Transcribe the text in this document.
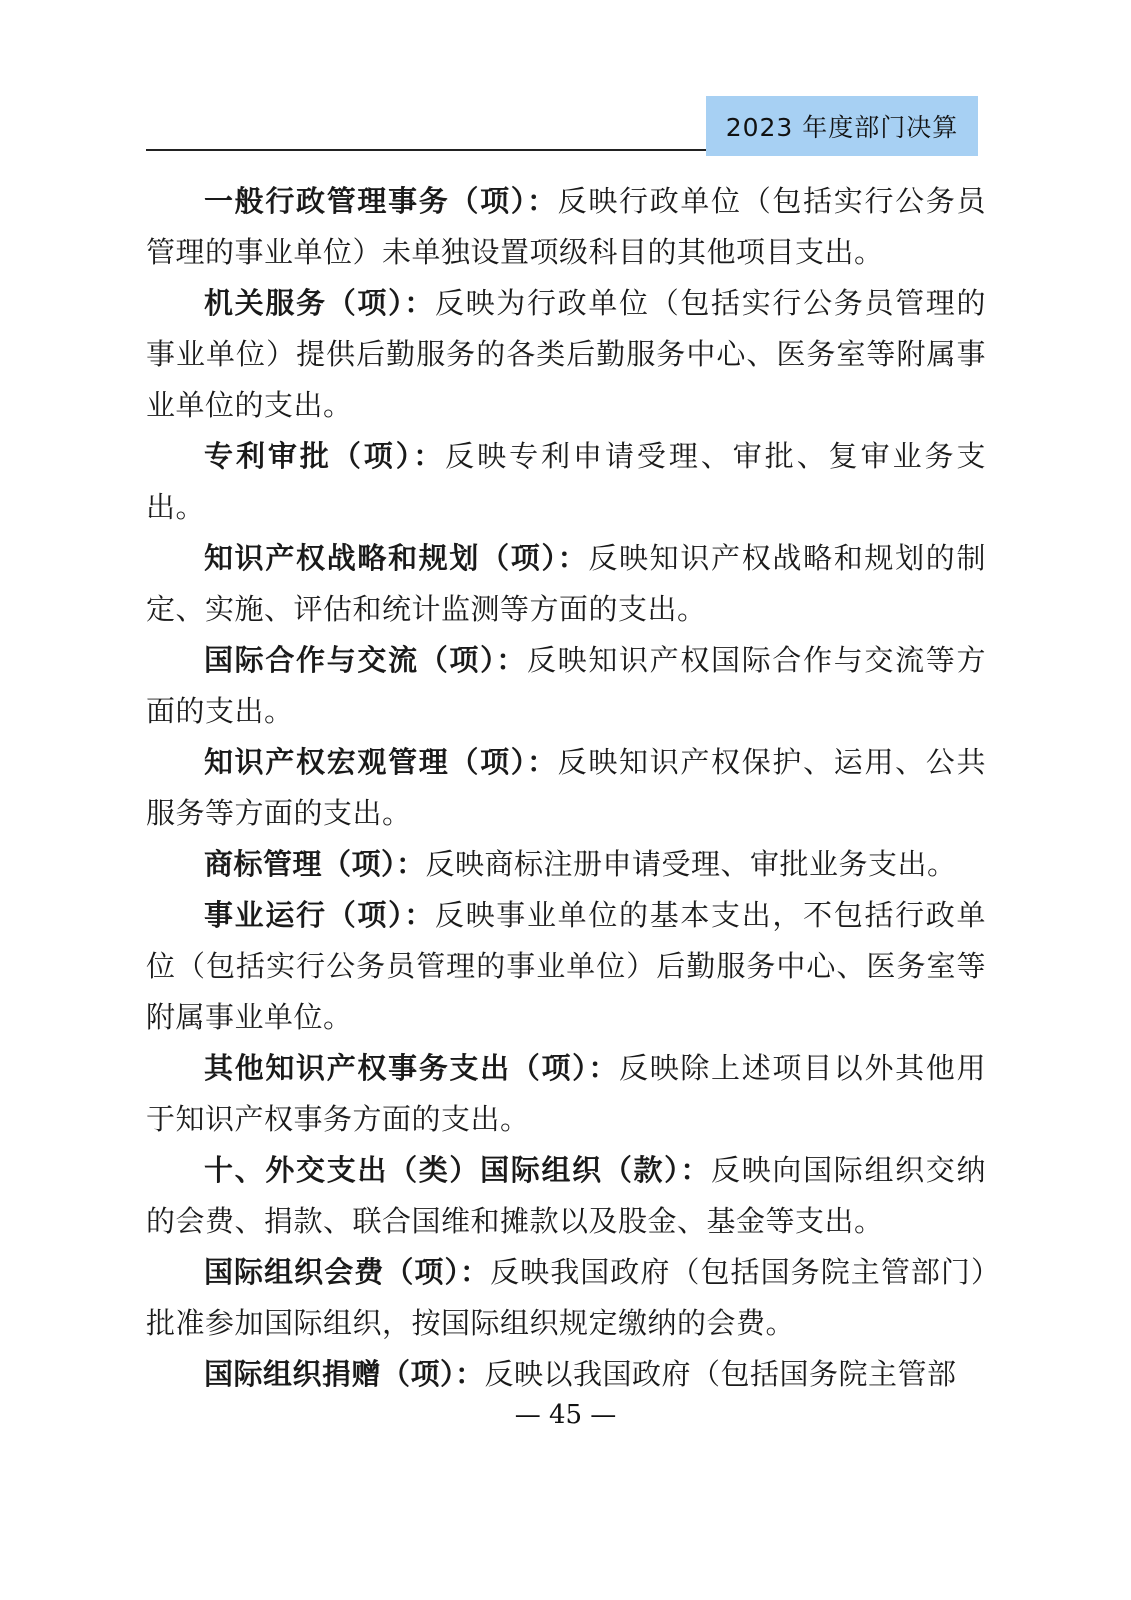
2023 年度部门决算

一般行政管理事务（项）：反映行政单位（包括实行公务员管理的事业单位）未单独设置项级科目的其他项目支出。

机关服务（项）：反映为行政单位（包括实行公务员管理的事业单位）提供后勤服务的各类后勤服务中心、医务室等附属事业单位的支出。

专利审批（项）：反映专利申请受理、审批、复审业务支出。

知识产权战略和规划（项）：反映知识产权战略和规划的制定、实施、评估和统计监测等方面的支出。

国际合作与交流（项）：反映知识产权国际合作与交流等方面的支出。

知识产权宏观管理（项）：反映知识产权保护、运用、公共服务等方面的支出。

商标管理（项）：反映商标注册申请受理、审批业务支出。

事业运行（项）：反映事业单位的基本支出，不包括行政单位（包括实行公务员管理的事业单位）后勤服务中心、医务室等附属事业单位。

其他知识产权事务支出（项）：反映除上述项目以外其他用于知识产权事务方面的支出。

十、外交支出（类）国际组织（款）：反映向国际组织交纳的会费、捐款、联合国维和摊款以及股金、基金等支出。

国际组织会费（项）：反映我国政府（包括国务院主管部门）批准参加国际组织，按国际组织规定缴纳的会费。

国际组织捐赠（项）：反映以我国政府（包括国务院主管部

— 45 —
